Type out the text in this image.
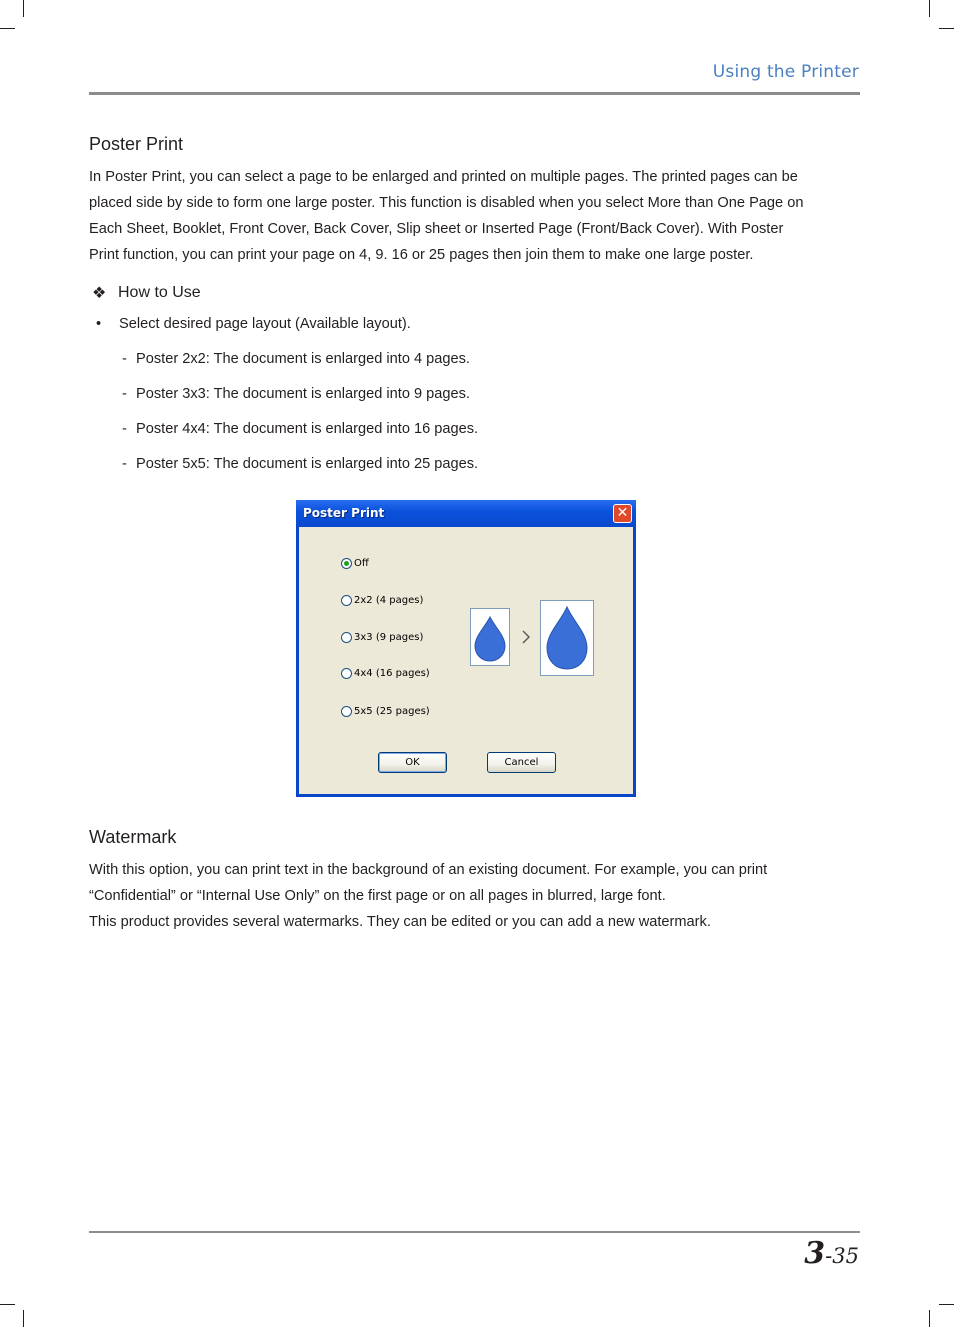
Using the Printer
Poster Print
In Poster Print, you can select a page to be enlarged and printed on multiple pages. The printed pages can be
placed side by side to form one large poster. This function is disabled when you select More than One Page on
Each Sheet, Booklet, Front Cover, Back Cover, Slip sheet or Inserted Page (Front/Back Cover). With Poster
Print function, you can print your page on 4, 9. 16 or 25 pages then join them to make one large poster.
❖ How to Use
•	Select desired page layout (Available layout).
- Poster 2x2: The document is enlarged into 4 pages.
- Poster 3x3: The document is enlarged into 9 pages.
- Poster 4x4: The document is enlarged into 16 pages.
- Poster 5x5: The document is enlarged into 25 pages.
Poster Print	✕
Off
2x2 (4 pages)
3x3 (9 pages)
4x4 (16 pages)
5x5 (25 pages)
OK	Cancel
Watermark
With this option, you can print text in the background of an existing document. For example, you can print
“Confidential” or “Internal Use Only” on the first page or on all pages in blurred, large font.
This product provides several watermarks. They can be edited or you can add a new watermark.
3-35
